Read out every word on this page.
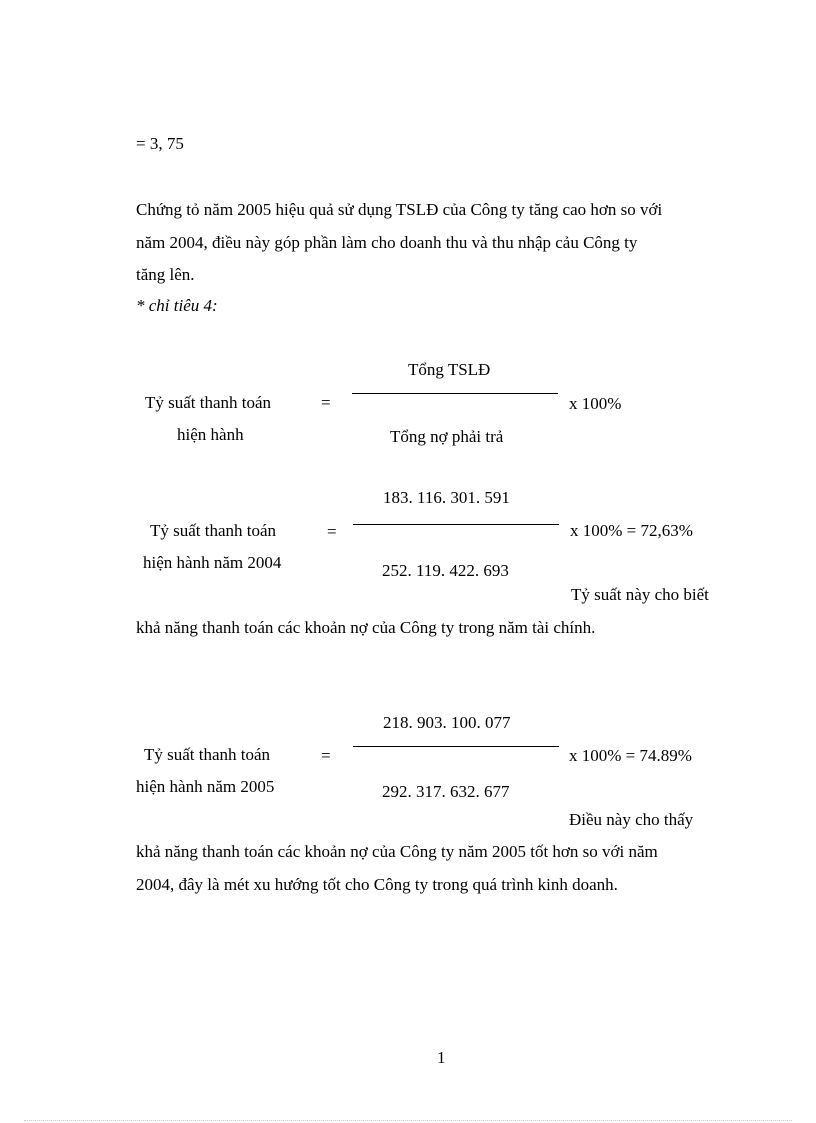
= 3, 75
Chứng tỏ năm 2005 hiệu quả sử dụng TSLĐ của Công ty tăng cao hơn so với
năm 2004, điều này góp phần làm cho doanh thu và thu nhập cảu Công ty
tăng lên.
* chỉ tiêu 4:
Tổng TSLĐ
Tỷ suất thanh toán
hiện hành
=	x 100%
Tổng nợ phải trả
183. 116. 301. 591
Tỷ suất thanh toán
hiện hành năm 2004
=	x 100% = 72,63%
252. 119. 422. 693
Tỷ suất này cho biết
khả năng thanh toán các khoản nợ của Công ty trong năm tài chính.
218. 903. 100. 077
Tỷ suất thanh toán
hiện hành năm 2005
=	x 100% = 74.89%
292. 317. 632. 677
Điều này cho thấy
khả năng thanh toán các khoản nợ của Công ty năm 2005 tốt hơn so với năm
2004, đây là mét xu hướng tốt cho Công ty trong quá trình kinh doanh.
1
